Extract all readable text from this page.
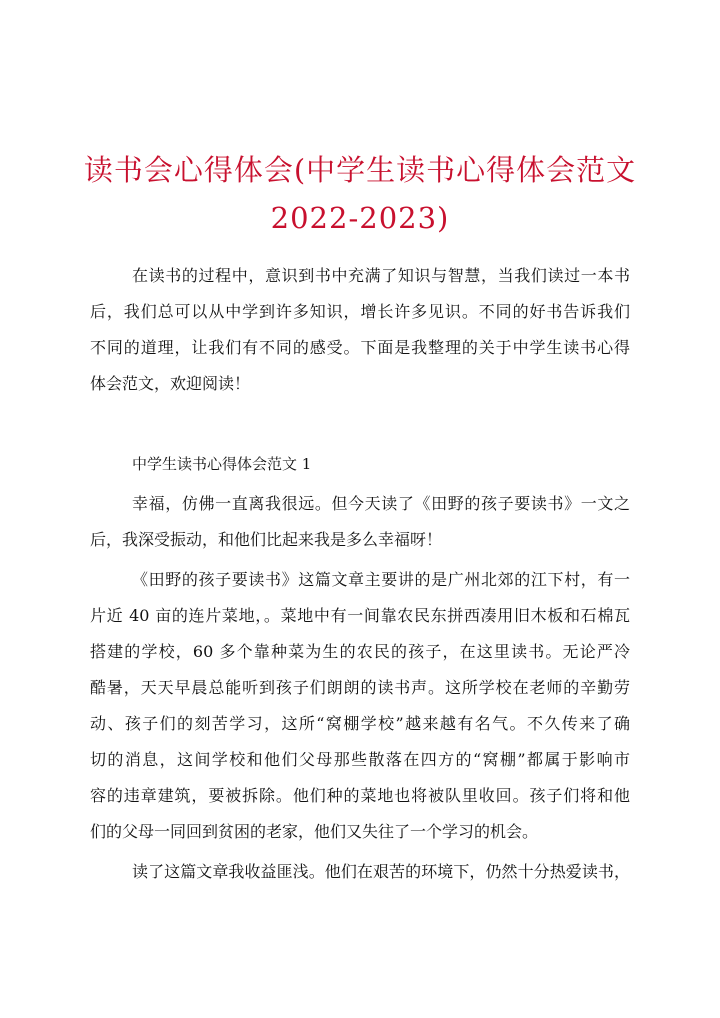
读书会心得体会(中学生读书心得体会范文
2022-2023)
在读书的过程中，意识到书中充满了知识与智慧，当我们读过一本书
后，我们总可以从中学到许多知识，增长许多见识。不同的好书告诉我们
不同的道理，让我们有不同的感受。下面是我整理的关于中学生读书心得
体会范文，欢迎阅读！
中学生读书心得体会范文 1
幸福，仿佛一直离我很远。但今天读了《田野的孩子要读书》一文之
后，我深受振动，和他们比起来我是多么幸福呀！
《田野的孩子要读书》这篇文章主要讲的是广州北郊的江下村，有一
片近 40 亩的连片菜地，。菜地中有一间靠农民东拼西凑用旧木板和石棉瓦
搭建的学校，60 多个靠种菜为生的农民的孩子，在这里读书。无论严冷
酷暑，天天早晨总能听到孩子们朗朗的读书声。这所学校在老师的辛勤劳
动、孩子们的刻苦学习，这所“窝棚学校”越来越有名气。不久传来了确
切的消息，这间学校和他们父母那些散落在四方的“窝棚”都属于影响市
容的违章建筑，要被拆除。他们种的菜地也将被队里收回。孩子们将和他
们的父母一同回到贫困的老家，他们又失往了一个学习的机会。
读了这篇文章我收益匪浅。他们在艰苦的环境下，仍然十分热爱读书，
